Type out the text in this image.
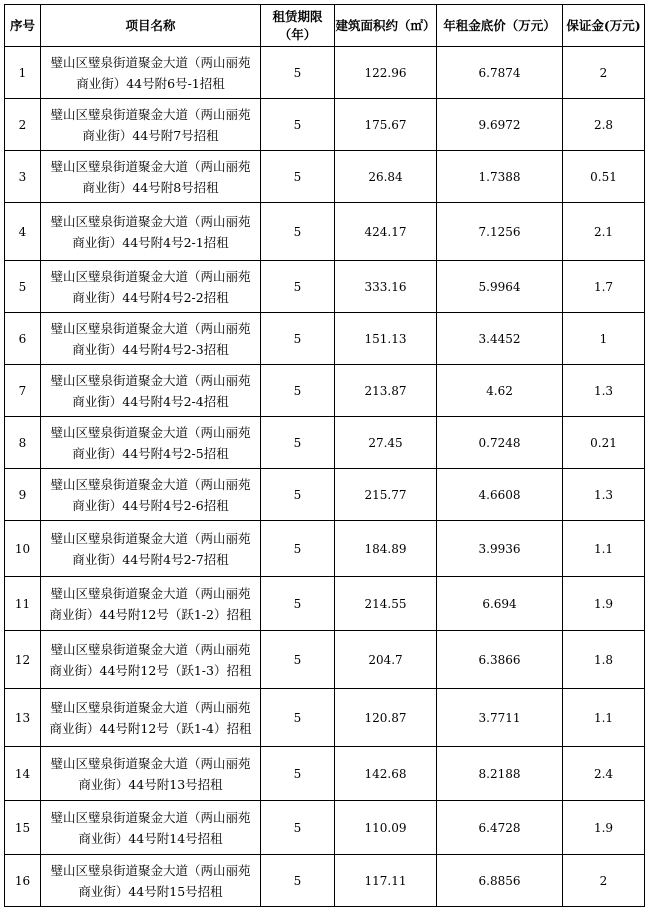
序号	项目名称	租赁期限
（年）	建筑面积约（㎡）	年租金底价（万元）	保证金(万元)
1	璧山区璧泉街道聚金大道（两山丽苑
商业街）44号附6号-1招租	5	122.96	6.7874	2
2	璧山区璧泉街道聚金大道（两山丽苑
商业街）44号附7号招租	5	175.67	9.6972	2.8
3	璧山区璧泉街道聚金大道（两山丽苑
商业街）44号附8号招租	5	26.84	1.7388	0.51
4	璧山区璧泉街道聚金大道（两山丽苑
商业街）44号附4号2-1招租	5	424.17	7.1256	2.1
5	璧山区璧泉街道聚金大道（两山丽苑
商业街）44号附4号2-2招租	5	333.16	5.9964	1.7
6	璧山区璧泉街道聚金大道（两山丽苑
商业街）44号附4号2-3招租	5	151.13	3.4452	1
7	璧山区璧泉街道聚金大道（两山丽苑
商业街）44号附4号2-4招租	5	213.87	4.62	1.3
8	璧山区璧泉街道聚金大道（两山丽苑
商业街）44号附4号2-5招租	5	27.45	0.7248	0.21
9	璧山区璧泉街道聚金大道（两山丽苑
商业街）44号附4号2-6招租	5	215.77	4.6608	1.3
10	璧山区璧泉街道聚金大道（两山丽苑
商业街）44号附4号2-7招租	5	184.89	3.9936	1.1
11	璧山区璧泉街道聚金大道（两山丽苑
商业街）44号附12号（跃1-2）招租	5	214.55	6.694	1.9
12	璧山区璧泉街道聚金大道（两山丽苑
商业街）44号附12号（跃1-3）招租	5	204.7	6.3866	1.8
13	璧山区璧泉街道聚金大道（两山丽苑
商业街）44号附12号（跃1-4）招租	5	120.87	3.7711	1.1
14	璧山区璧泉街道聚金大道（两山丽苑
商业街）44号附13号招租	5	142.68	8.2188	2.4
15	璧山区璧泉街道聚金大道（两山丽苑
商业街）44号附14号招租	5	110.09	6.4728	1.9
16	璧山区璧泉街道聚金大道（两山丽苑
商业街）44号附15号招租	5	117.11	6.8856	2
